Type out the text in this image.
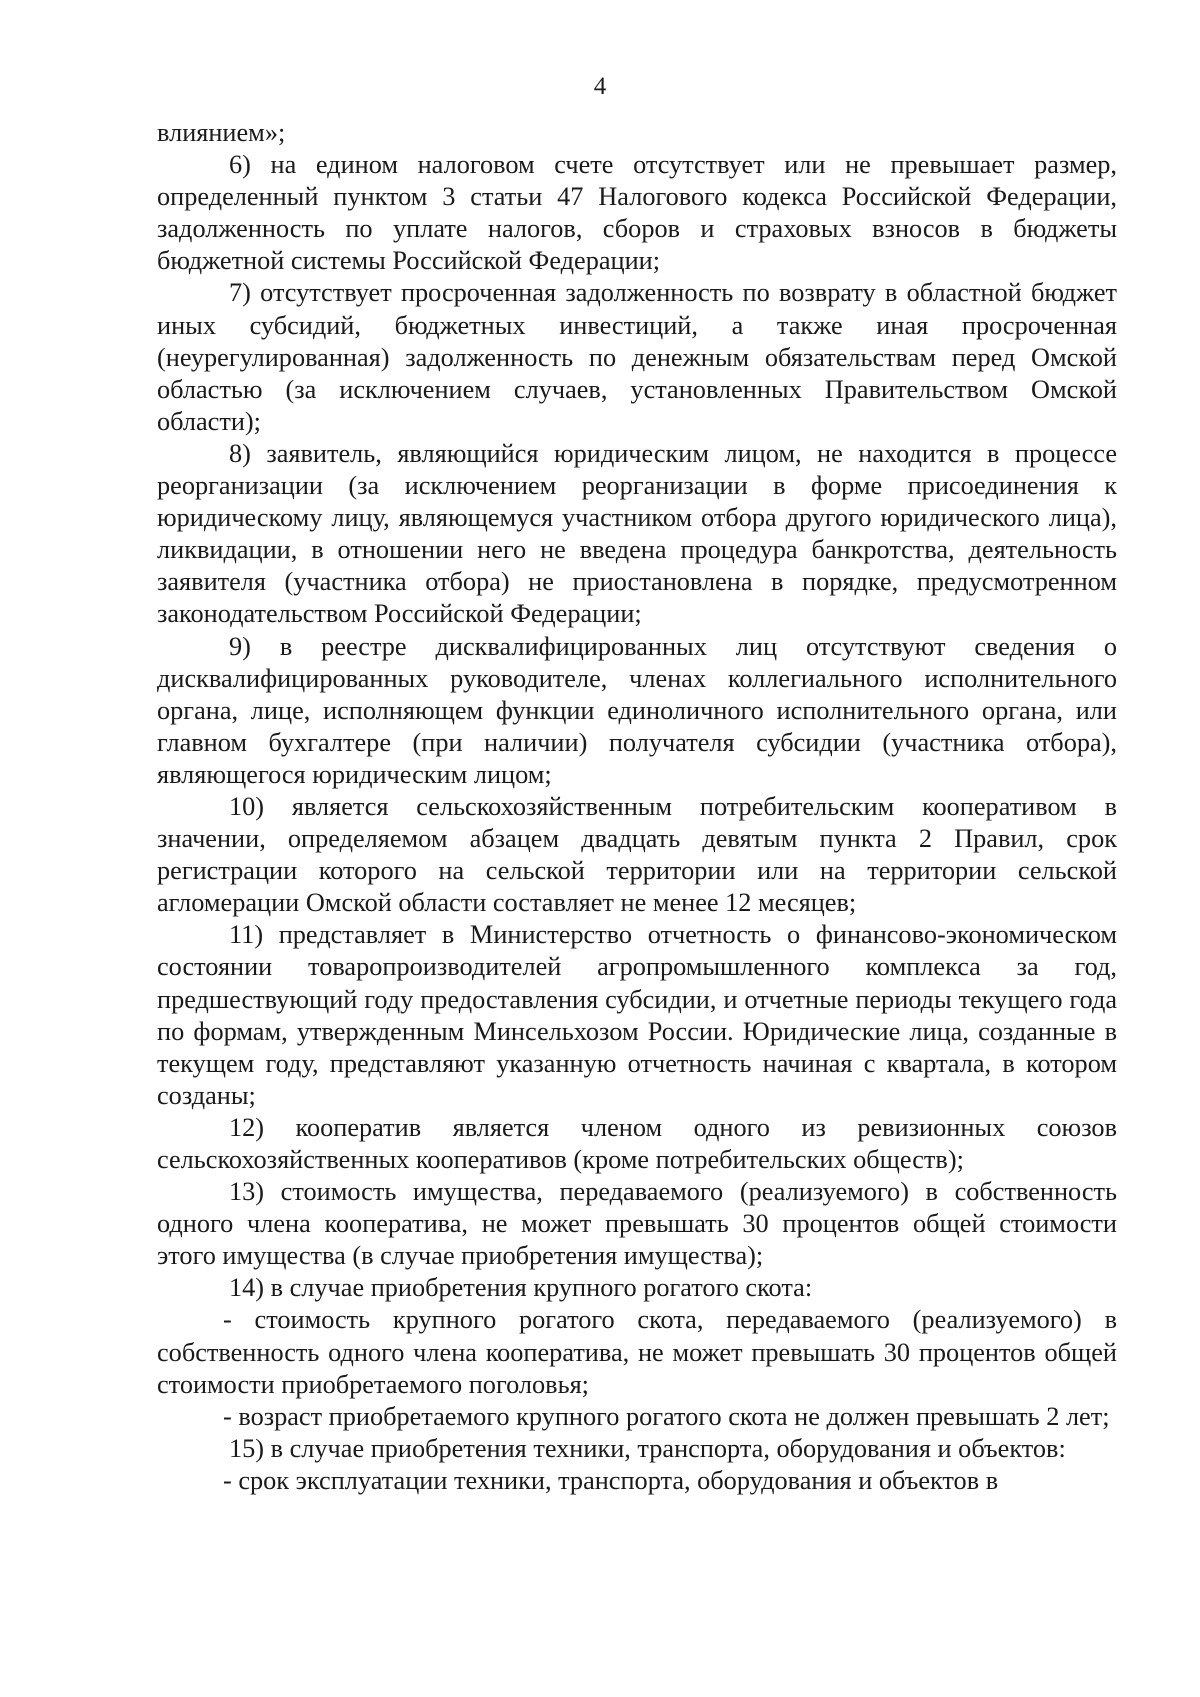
4

влиянием»;

6) на едином налоговом счете отсутствует или не превышает размер, определенный пунктом 3 статьи 47 Налогового кодекса Российской Федерации, задолженность по уплате налогов, сборов и страховых взносов в бюджеты бюджетной системы Российской Федерации;

7) отсутствует просроченная задолженность по возврату в областной бюджет иных субсидий, бюджетных инвестиций, а также иная просроченная (неурегулированная) задолженность по денежным обязательствам перед Омской областью (за исключением случаев, установленных Правительством Омской области);

8) заявитель, являющийся юридическим лицом, не находится в процессе реорганизации (за исключением реорганизации в форме присоединения к юридическому лицу, являющемуся участником отбора другого юридического лица), ликвидации, в отношении него не введена процедура банкротства, деятельность заявителя (участника отбора) не приостановлена в порядке, предусмотренном законодательством Российской Федерации;

9) в реестре дисквалифицированных лиц отсутствуют сведения о дисквалифицированных руководителе, членах коллегиального исполнительного органа, лице, исполняющем функции единоличного исполнительного органа, или главном бухгалтере (при наличии) получателя субсидии (участника отбора), являющегося юридическим лицом;

10) является сельскохозяйственным потребительским кооперативом в значении, определяемом абзацем двадцать девятым пункта 2 Правил, срок регистрации которого на сельской территории или на территории сельской агломерации Омской области составляет не менее 12 месяцев;

11) представляет в Министерство отчетность о финансово-экономическом состоянии товаропроизводителей агропромышленного комплекса за год, предшествующий году предоставления субсидии, и отчетные периоды текущего года по формам, утвержденным Минсельхозом России. Юридические лица, созданные в текущем году, представляют указанную отчетность начиная с квартала, в котором созданы;

12) кооператив является членом одного из ревизионных союзов сельскохозяйственных кооперативов (кроме потребительских обществ);

13) стоимость имущества, передаваемого (реализуемого) в собственность одного члена кооператива, не может превышать 30 процентов общей стоимости этого имущества (в случае приобретения имущества);

14) в случае приобретения крупного рогатого скота:

- стоимость крупного рогатого скота, передаваемого (реализуемого) в собственность одного члена кооператива, не может превышать 30 процентов общей стоимости приобретаемого поголовья;

- возраст приобретаемого крупного рогатого скота не должен превышать 2 лет;

15) в случае приобретения техники, транспорта, оборудования и объектов:

- срок эксплуатации техники, транспорта, оборудования и объектов в
